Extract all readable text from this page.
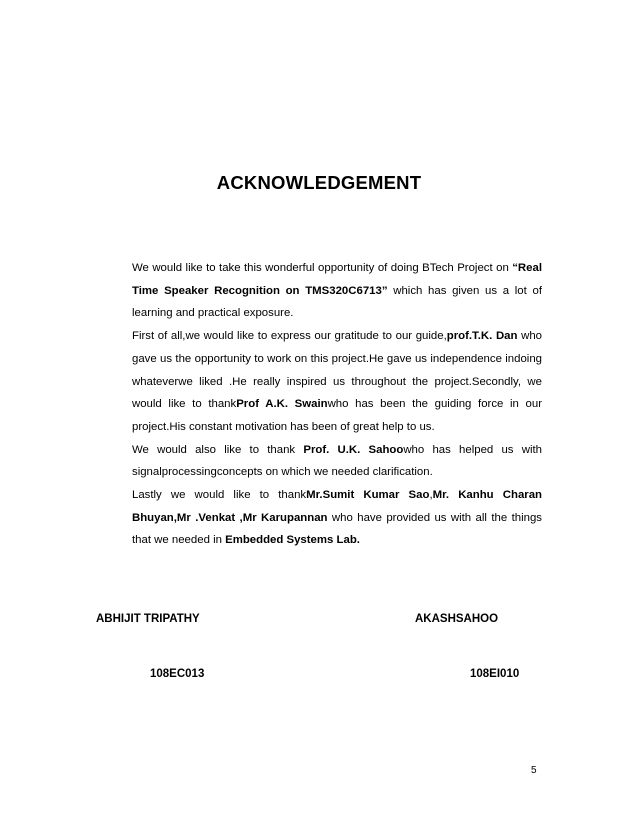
ACKNOWLEDGEMENT

We would like to take this wonderful opportunity of doing BTech Project on “Real Time Speaker Recognition on TMS320C6713” which has given us a lot of learning and practical exposure.

First of all,we would like to express our gratitude to our guide,prof.T.K. Dan who gave us the opportunity to work on this project.He gave us independence indoing whateverwe liked .He really inspired us throughout the project.Secondly, we would like to thankProf A.K. Swainwho has been the guiding force in our project.His constant motivation has been of great help to us.

We would also like to thank Prof. U.K. Sahoowho has helped us with signalprocessingconcepts on which we needed clarification.

Lastly we would like to thankMr.Sumit Kumar Sao,Mr. Kanhu Charan Bhuyan,Mr .Venkat ,Mr Karupannan who have provided us with all the things that we needed in Embedded Systems Lab.

ABHIJIT TRIPATHY
108EC013
AKASHSAHOO
108EI010
5
